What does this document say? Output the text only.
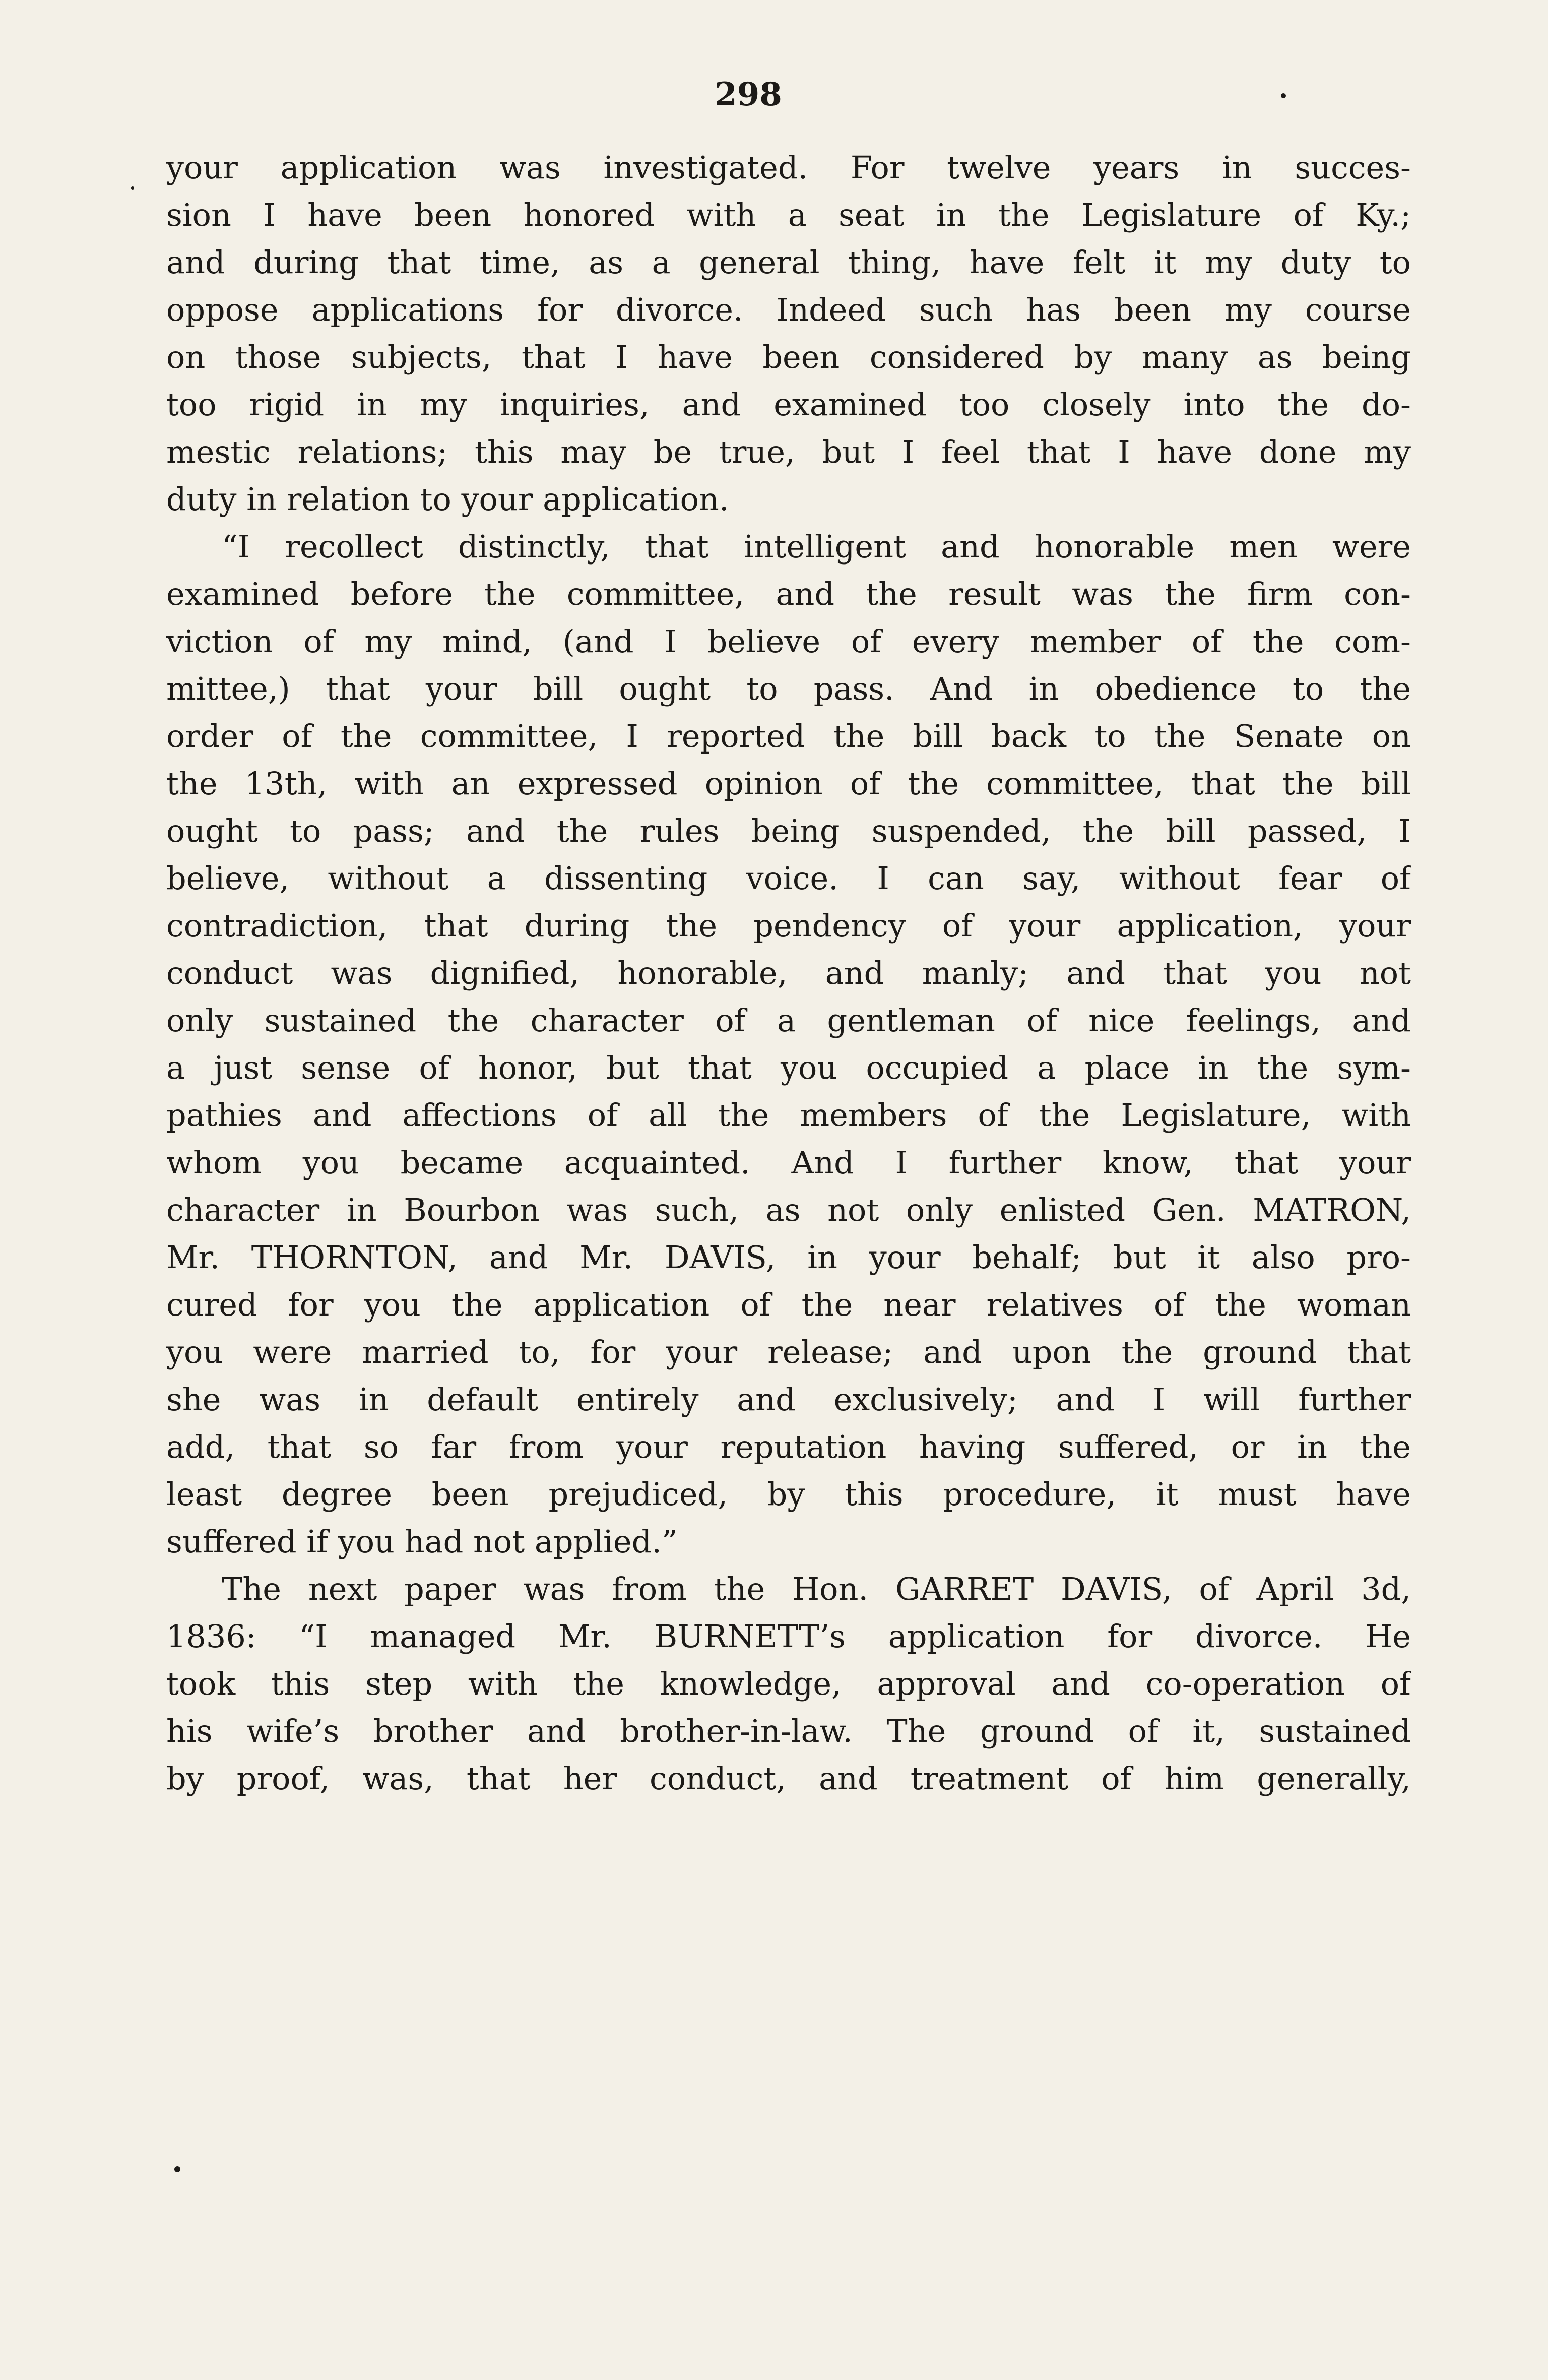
298
your application was investigated. For twelve years in succes-
sion I have been honored with a seat in the Legislature of Ky.;
and during that time, as a general thing, have felt it my duty to
oppose applications for divorce. Indeed such has been my course
on those subjects, that I have been considered by many as being
too rigid in my inquiries, and examined too closely into the do-
mestic relations; this may be true, but I feel that I have done my
duty in relation to your application.
“I recollect distinctly, that intelligent and honorable men were
examined before the committee, and the result was the firm con-
viction of my mind, (and I believe of every member of the com-
mittee,) that your bill ought to pass. And in obedience to the
order of the committee, I reported the bill back to the Senate on
the 13th, with an expressed opinion of the committee, that the bill
ought to pass; and the rules being suspended, the bill passed, I
believe, without a dissenting voice. I can say, without fear of
contradiction, that during the pendency of your application, your
conduct was dignified, honorable, and manly; and that you not
only sustained the character of a gentleman of nice feelings, and
a just sense of honor, but that you occupied a place in the sym-
pathies and affections of all the members of the Legislature, with
whom you became acquainted. And I further know, that your
character in Bourbon was such, as not only enlisted Gen. MATRON,
Mr. THORNTON, and Mr. DAVIS, in your behalf; but it also pro-
cured for you the application of the near relatives of the woman
you were married to, for your release; and upon the ground that
she was in default entirely and exclusively; and I will further
add, that so far from your reputation having suffered, or in the
least degree been prejudiced, by this procedure, it must have
suffered if you had not applied.”
The next paper was from the Hon. GARRET DAVIS, of April 3d,
1836: “I managed Mr. BURNETT’s application for divorce. He
took this step with the knowledge, approval and co-operation of
his wife’s brother and brother-in-law. The ground of it, sustained
by proof, was, that her conduct, and treatment of him generally,
